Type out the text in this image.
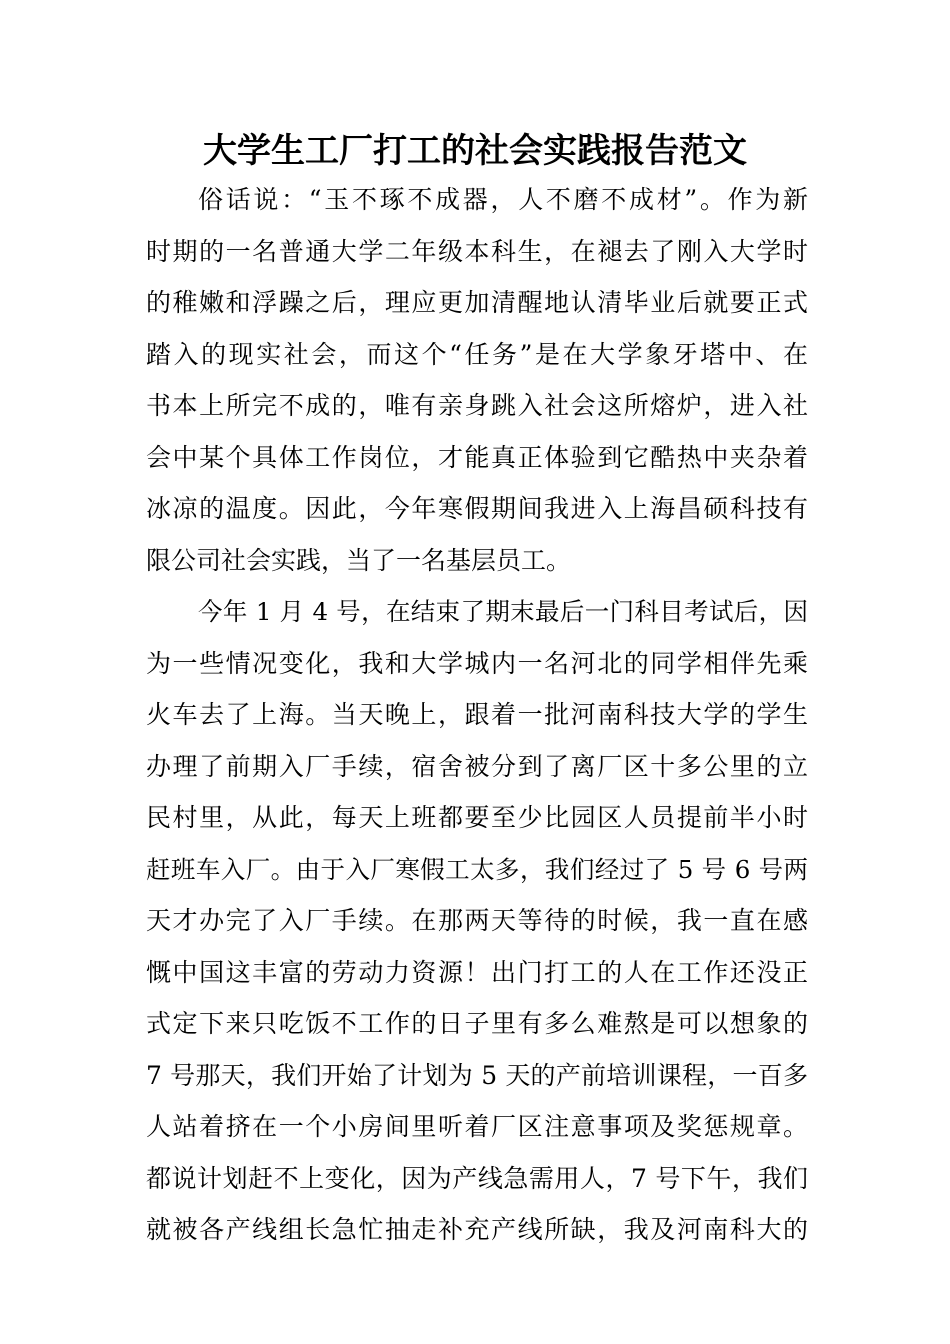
大学生工厂打工的社会实践报告范文

俗话说：“玉不琢不成器，人不磨不成材”。作为新
时期的一名普通大学二年级本科生，在褪去了刚入大学时
的稚嫩和浮躁之后，理应更加清醒地认清毕业后就要正式
踏入的现实社会，而这个“任务”是在大学象牙塔中、在
书本上所完不成的，唯有亲身跳入社会这所熔炉，进入社
会中某个具体工作岗位，才能真正体验到它酷热中夹杂着
冰凉的温度。因此，今年寒假期间我进入上海昌硕科技有
限公司社会实践，当了一名基层员工。

今年 1 月 4 号，在结束了期末最后一门科目考试后，因
为一些情况变化，我和大学城内一名河北的同学相伴先乘
火车去了上海。当天晚上，跟着一批河南科技大学的学生
办理了前期入厂手续，宿舍被分到了离厂区十多公里的立
民村里，从此，每天上班都要至少比园区人员提前半小时
赶班车入厂。由于入厂寒假工太多，我们经过了 5 号 6 号两
天才办完了入厂手续。在那两天等待的时候，我一直在感
慨中国这丰富的劳动力资源！出门打工的人在工作还没正
式定下来只吃饭不工作的日子里有多么难熬是可以想象的
7 号那天，我们开始了计划为 5 天的产前培训课程，一百多
人站着挤在一个小房间里听着厂区注意事项及奖惩规章。
都说计划赶不上变化，因为产线急需用人，7 号下午，我们
就被各产线组长急忙抽走补充产线所缺，我及河南科大的
